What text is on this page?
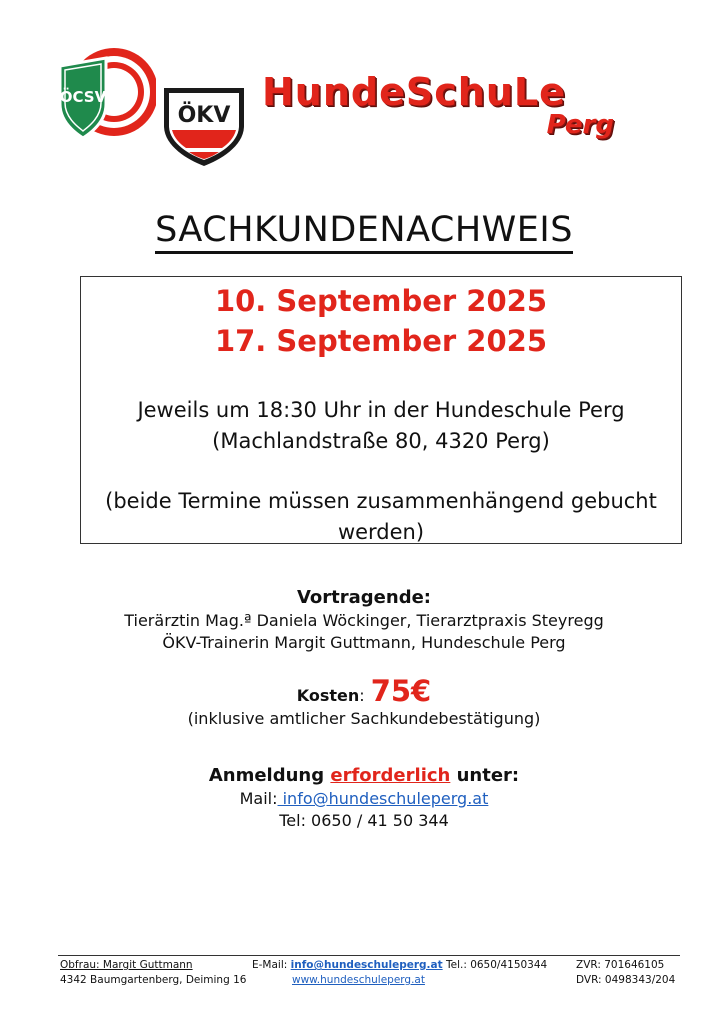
ÖCSV
ÖKV
HundeSchuLe
Perg
SACHKUNDENACHWEIS
10. September 2025
17. September 2025
Jeweils um 18:30 Uhr in der Hundeschule Perg
(Machlandstraße 80, 4320 Perg)
(beide Termine müssen zusammenhängend gebucht
werden)
Vortragende:
Tierärztin Mag.ª Daniela Wöckinger, Tierarztpraxis Steyregg
ÖKV-Trainerin Margit Guttmann, Hundeschule Perg
Kosten: 75€
(inklusive amtlicher Sachkundebestätigung)
Anmeldung erforderlich unter:
Mail: info@hundeschuleperg.at
Tel: 0650 / 41 50 344
Obfrau: Margit Guttmann
4342 Baumgartenberg, Deiming 16
E-Mail: info@hundeschuleperg.at Tel.: 0650/4150344
www.hundeschuleperg.at
ZVR: 701646105
DVR: 0498343/204
